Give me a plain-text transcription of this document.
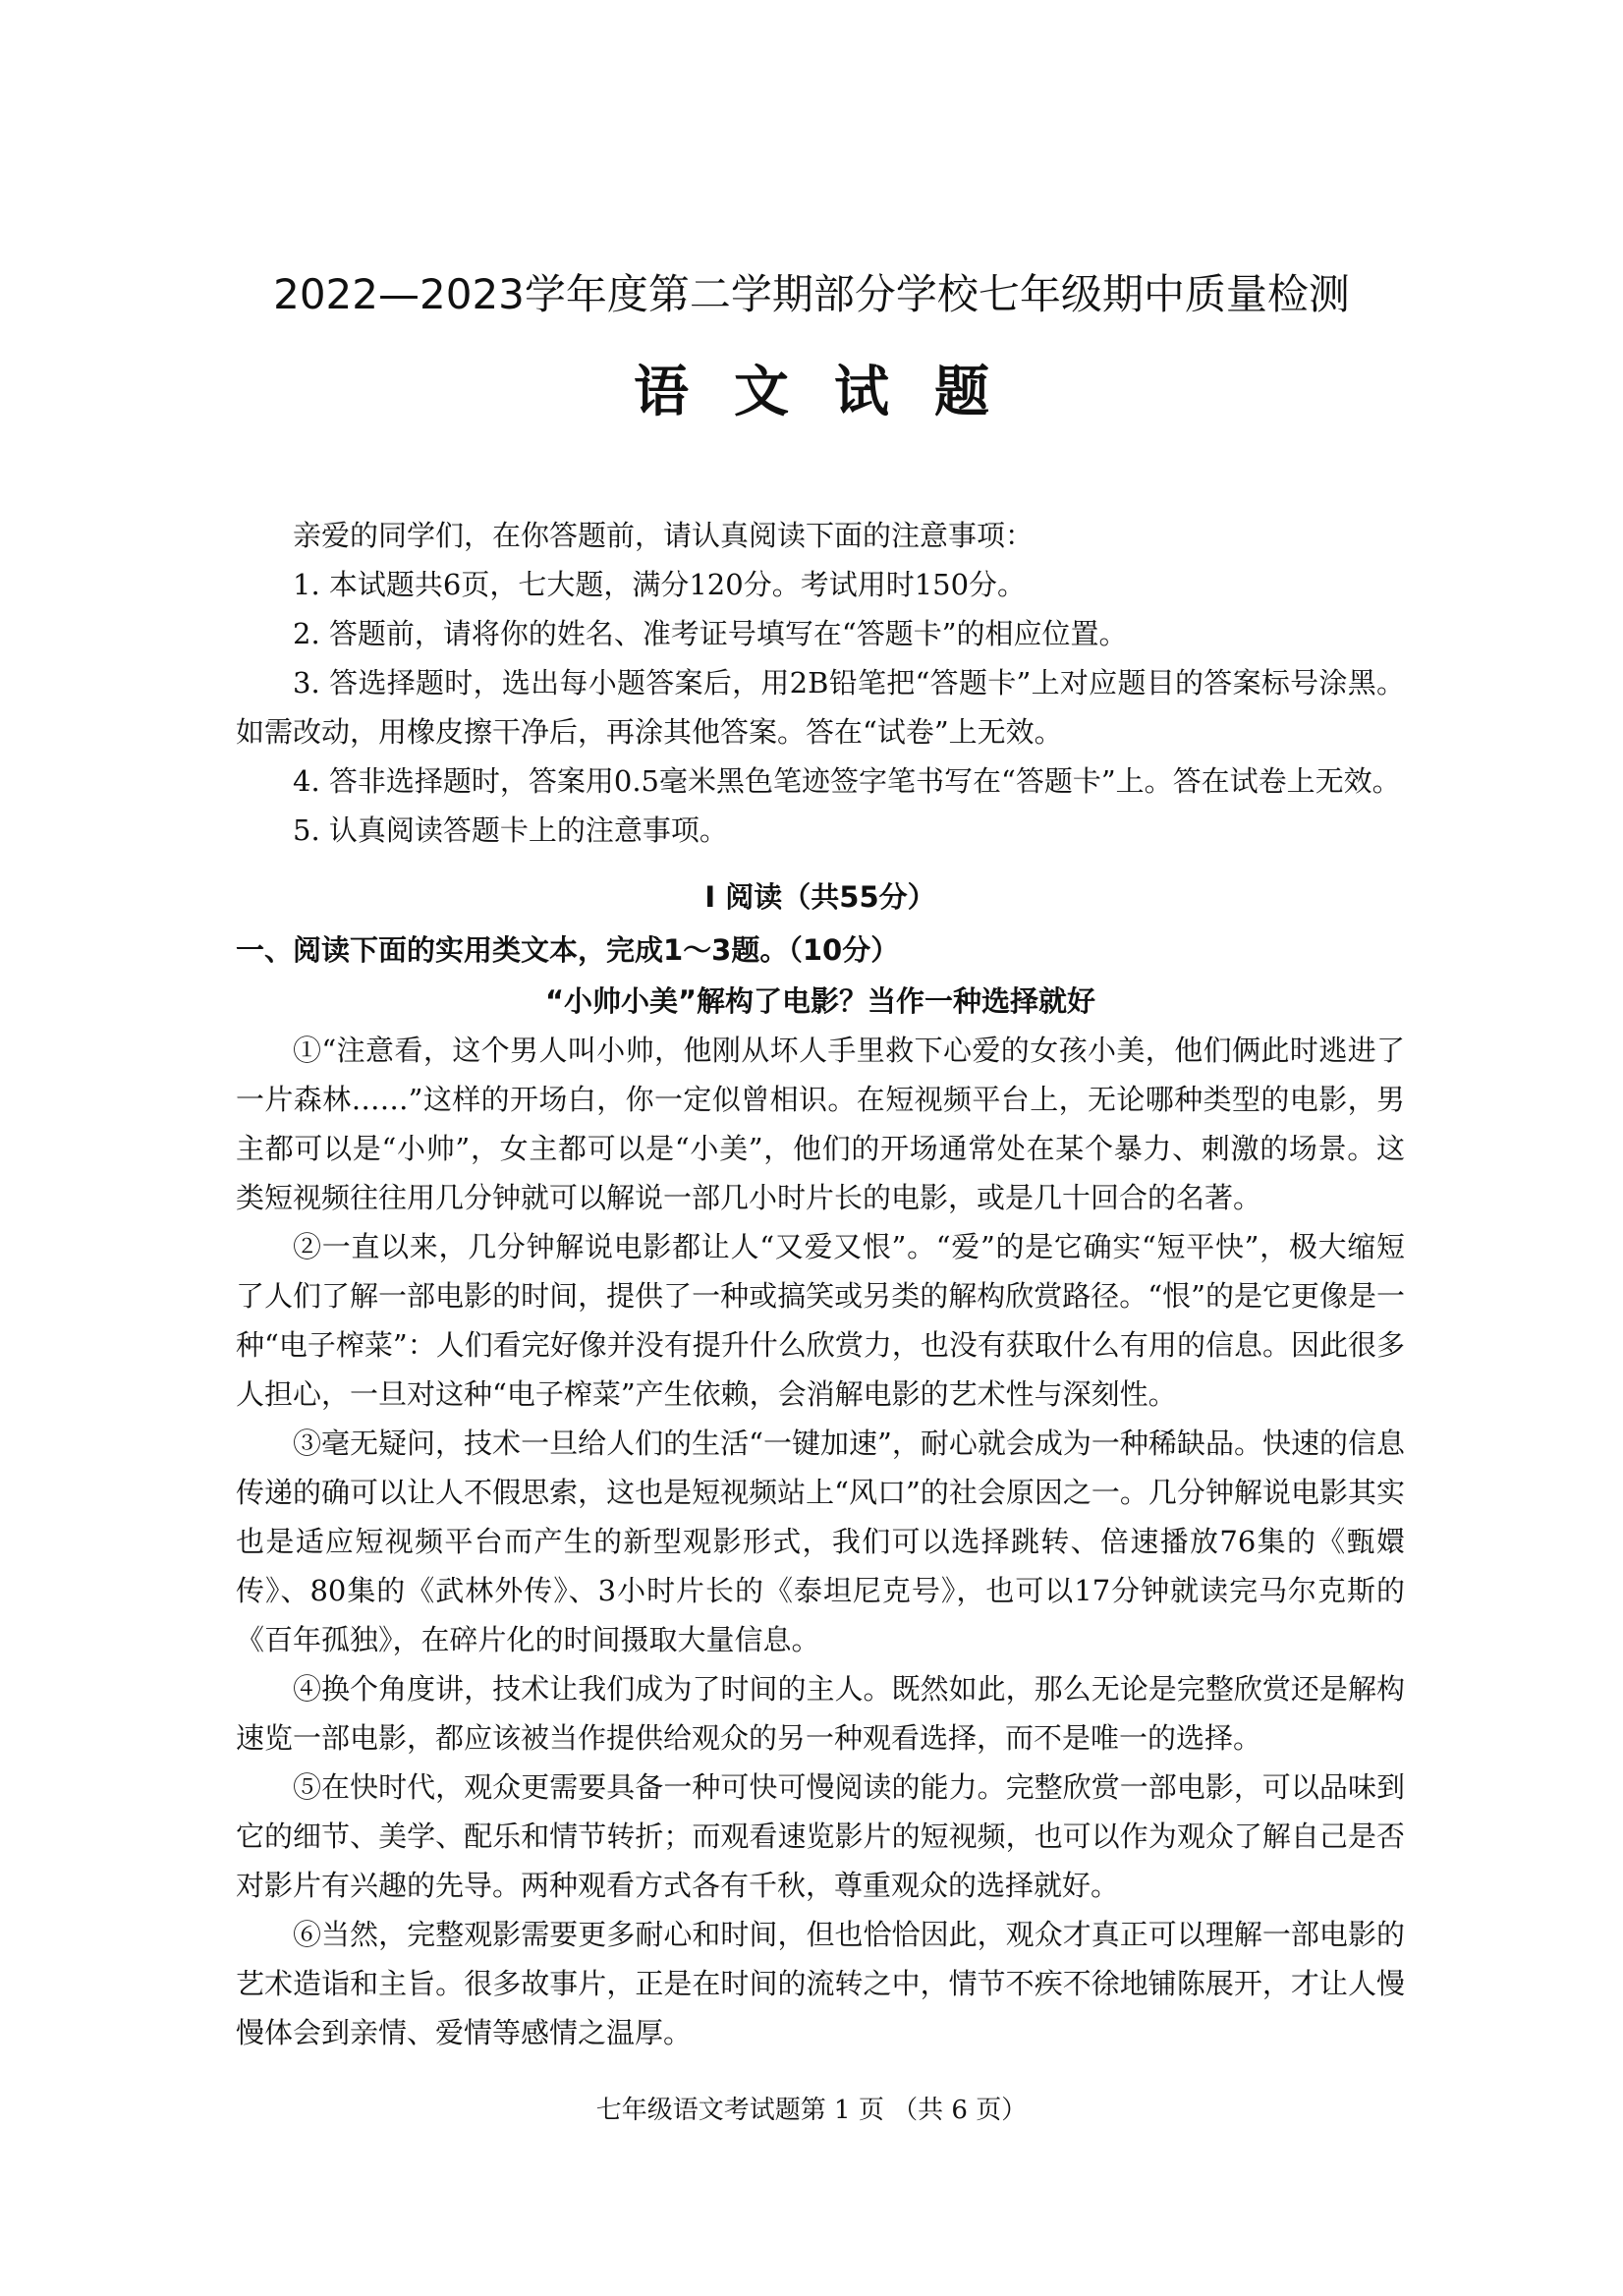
2022—2023学年度第二学期部分学校七年级期中质量检测
语文试题

亲爱的同学们，在你答题前，请认真阅读下面的注意事项：

1. 本试题共6页，七大题，满分120分。考试用时150分。

2. 答题前，请将你的姓名、准考证号填写在“答题卡”的相应位置。

3. 答选择题时，选出每小题答案后，用2B铅笔把“答题卡”上对应题目的答案标号涂黑。如需改动，用橡皮擦干净后，再涂其他答案。答在“试卷”上无效。

4. 答非选择题时，答案用0.5毫米黑色笔迹签字笔书写在“答题卡”上。答在试卷上无效。

5. 认真阅读答题卡上的注意事项。

Ⅰ 阅读（共55分）
一、阅读下面的实用类文本，完成1～3题。（10分）
“小帅小美”解构了电影？当作一种选择就好

①“注意看，这个男人叫小帅，他刚从坏人手里救下心爱的女孩小美，他们俩此时逃进了一片森林……”这样的开场白，你一定似曾相识。在短视频平台上，无论哪种类型的电影，男主都可以是“小帅”，女主都可以是“小美”，他们的开场通常处在某个暴力、刺激的场景。这类短视频往往用几分钟就可以解说一部几小时片长的电影，或是几十回合的名著。

②一直以来，几分钟解说电影都让人“又爱又恨”。“爱”的是它确实“短平快”，极大缩短了人们了解一部电影的时间，提供了一种或搞笑或另类的解构欣赏路径。“恨”的是它更像是一种“电子榨菜”：人们看完好像并没有提升什么欣赏力，也没有获取什么有用的信息。因此很多人担心，一旦对这种“电子榨菜”产生依赖，会消解电影的艺术性与深刻性。

③毫无疑问，技术一旦给人们的生活“一键加速”，耐心就会成为一种稀缺品。快速的信息传递的确可以让人不假思索，这也是短视频站上“风口”的社会原因之一。几分钟解说电影其实也是适应短视频平台而产生的新型观影形式，我们可以选择跳转、倍速播放76集的《甄嬛传》、80集的《武林外传》、3小时片长的《泰坦尼克号》，也可以17分钟就读完马尔克斯的《百年孤独》，在碎片化的时间摄取大量信息。

④换个角度讲，技术让我们成为了时间的主人。既然如此，那么无论是完整欣赏还是解构速览一部电影，都应该被当作提供给观众的另一种观看选择，而不是唯一的选择。

⑤在快时代，观众更需要具备一种可快可慢阅读的能力。完整欣赏一部电影，可以品味到它的细节、美学、配乐和情节转折；而观看速览影片的短视频，也可以作为观众了解自己是否对影片有兴趣的先导。两种观看方式各有千秋，尊重观众的选择就好。

⑥当然，完整观影需要更多耐心和时间，但也恰恰因此，观众才真正可以理解一部电影的艺术造诣和主旨。很多故事片，正是在时间的流转之中，情节不疾不徐地铺陈展开，才让人慢慢体会到亲情、爱情等感情之温厚。

七年级语文考试题第 1 页 （共 6 页）
